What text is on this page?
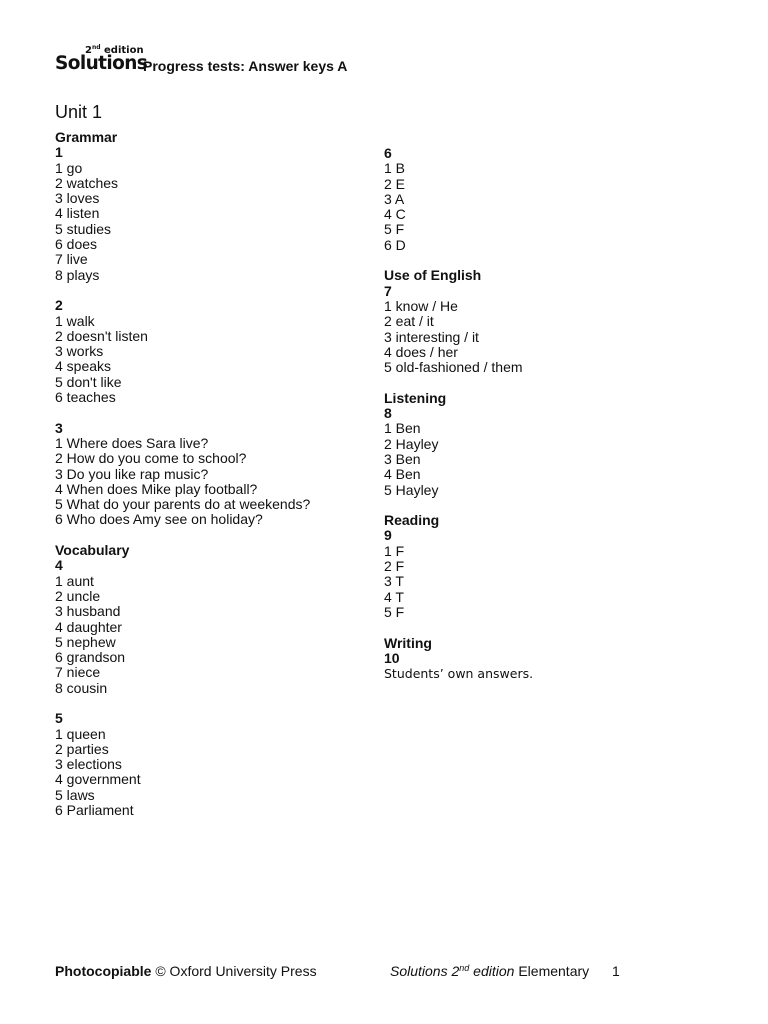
2nd edition
Solutions
Progress tests: Answer keys A
Unit 1
Grammar
1
1 go
2 watches
3 loves
4 listen
5 studies
6 does
7 live
8 plays
2
1 walk
2 doesn't listen
3 works
4 speaks
5 don't like
6 teaches
3
1 Where does Sara live?
2 How do you come to school?
3 Do you like rap music?
4 When does Mike play football?
5 What do your parents do at weekends?
6 Who does Amy see on holiday?
Vocabulary
4
1 aunt
2 uncle
3 husband
4 daughter
5 nephew
6 grandson
7 niece
8 cousin
5
1 queen
2 parties
3 elections
4 government
5 laws
6 Parliament
6
1 B
2 E
3 A
4 C
5 F
6 D
Use of English
7
1 know / He
2 eat / it
3 interesting / it
4 does / her
5 old-fashioned / them
Listening
8
1 Ben
2 Hayley
3 Ben
4 Ben
5 Hayley
Reading
9
1 F
2 F
3 T
4 T
5 F
Writing
10
Students’ own answers.
Photocopiable © Oxford University Press	Solutions 2nd edition Elementary 1
